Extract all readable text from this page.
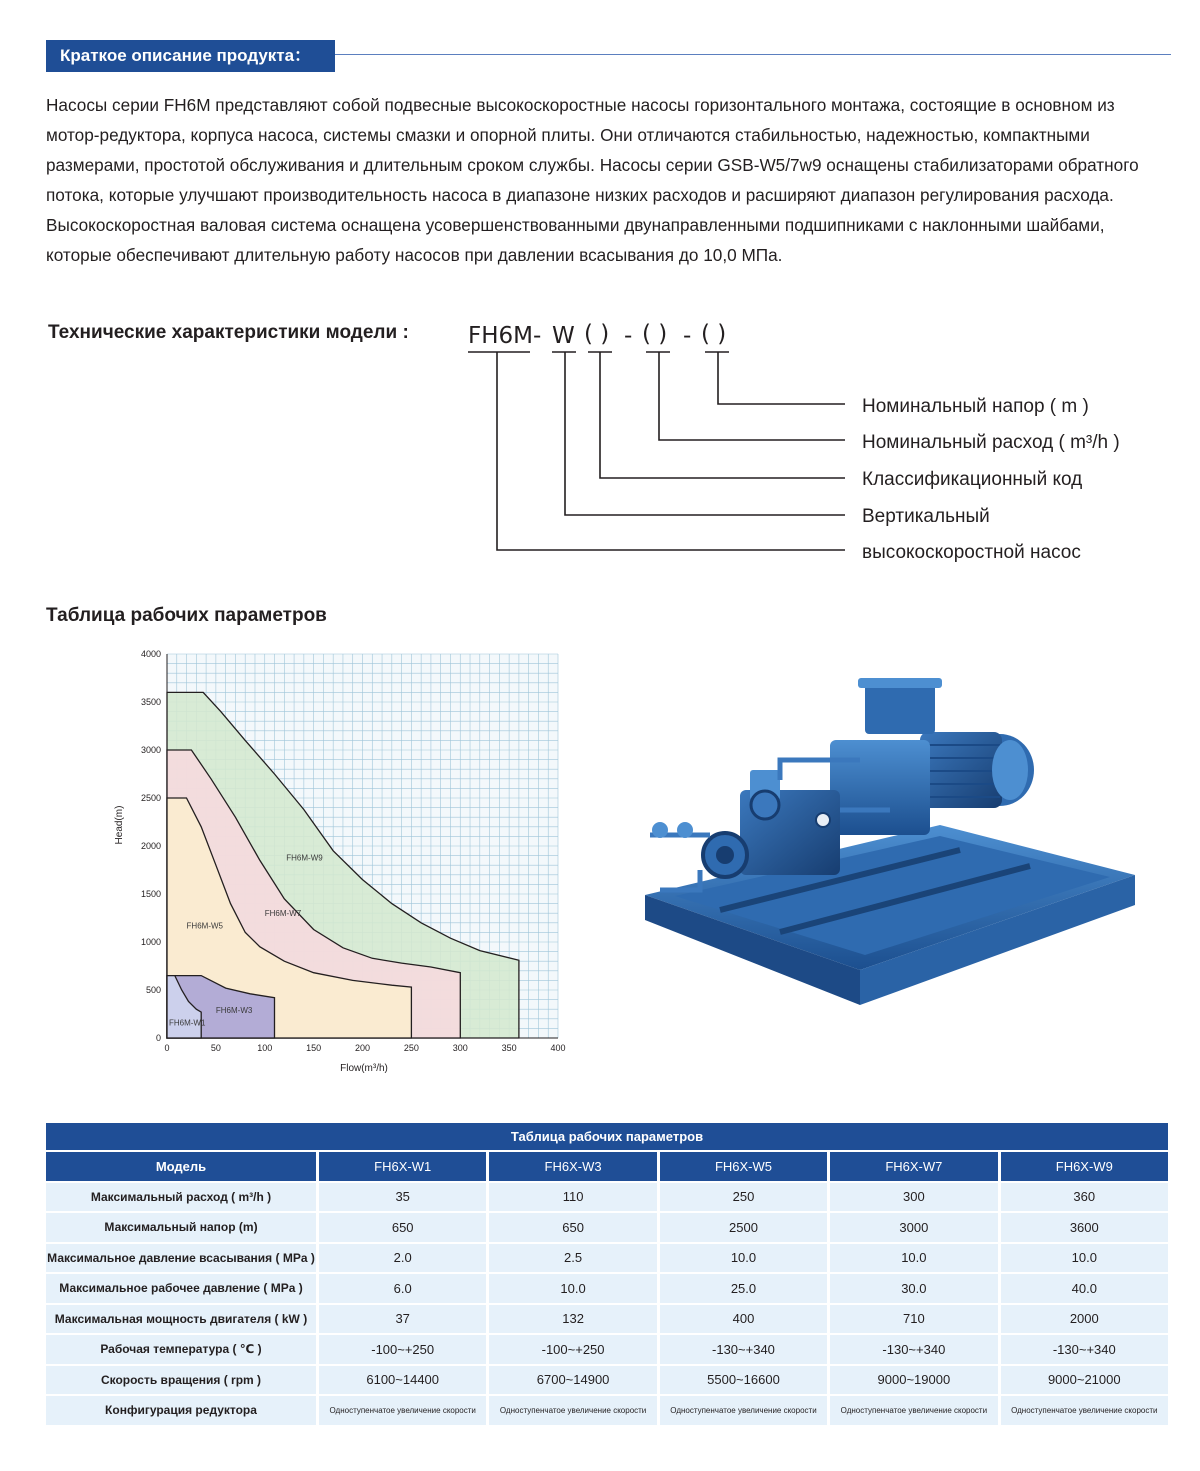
Краткое описание продукта：

Насосы серии FH6M представляют собой подвесные высокоскоростные насосы горизонтального монтажа, состоящие в основном из мотор-редуктора, корпуса насоса, системы смазки и опорной плиты. Они отличаются стабильностью, надежностью, компактными размерами, простотой обслуживания и длительным сроком службы. Насосы серии GSB-W5/7w9 оснащены стабилизаторами обратного потока, которые улучшают производительность насоса в диапазоне низких расходов и расширяют диапазон регулирования расхода. Высокоскоростная валовая система оснащена усовершенствованными двунаправленными подшипниками с наклонными шайбами, которые обеспечивают длительную работу насосов при давлении всасывания до 10,0 МПа.

Технические характеристики модели :	FH6M - W ( ) - ( ) - ( )
Номинальный напор ( m )
Номинальный расход ( m³/h )
Классификационный код
Вертикальный
высокоскоростной насос
Таблица рабочих параметров
0	50	100	150	200	250	300	350	400
0
500
1000
1500
2000
2500
3000
3500
4000
FH6M-W9
FH6M-W7
FH6M-W5
FH6M-W3
FH6M-W1
Flow(m³/h)
Head(m)
Таблица рабочих параметров					
Модель	FH6X-W1	FH6X-W3	FH6X-W5	FH6X-W7	FH6X-W9
Максимальный расход ( m³/h )	35	110	250	300	360
Максимальный напор (m)	650	650	2500	3000	3600
Максимальное давление всасывания ( MPa )	2.0	2.5	10.0	10.0	10.0
Максимальное рабочее давление ( MPa )	6.0	10.0	25.0	30.0	40.0
Максимальная мощность двигателя ( kW )	37	132	400	710	2000
Рабочая температура ( ℃ )	-100~+250	-100~+250	-130~+340	-130~+340	-130~+340
Скорость вращения ( rpm )	6100~14400	6700~14900	5500~16600	9000~19000	9000~21000
Конфигурация редуктора	Одноступенчатое увеличение скорости	Одноступенчатое увеличение скорости	Одноступенчатое увеличение скорости	Одноступенчатое увеличение скорости	Одноступенчатое увеличение скорости
